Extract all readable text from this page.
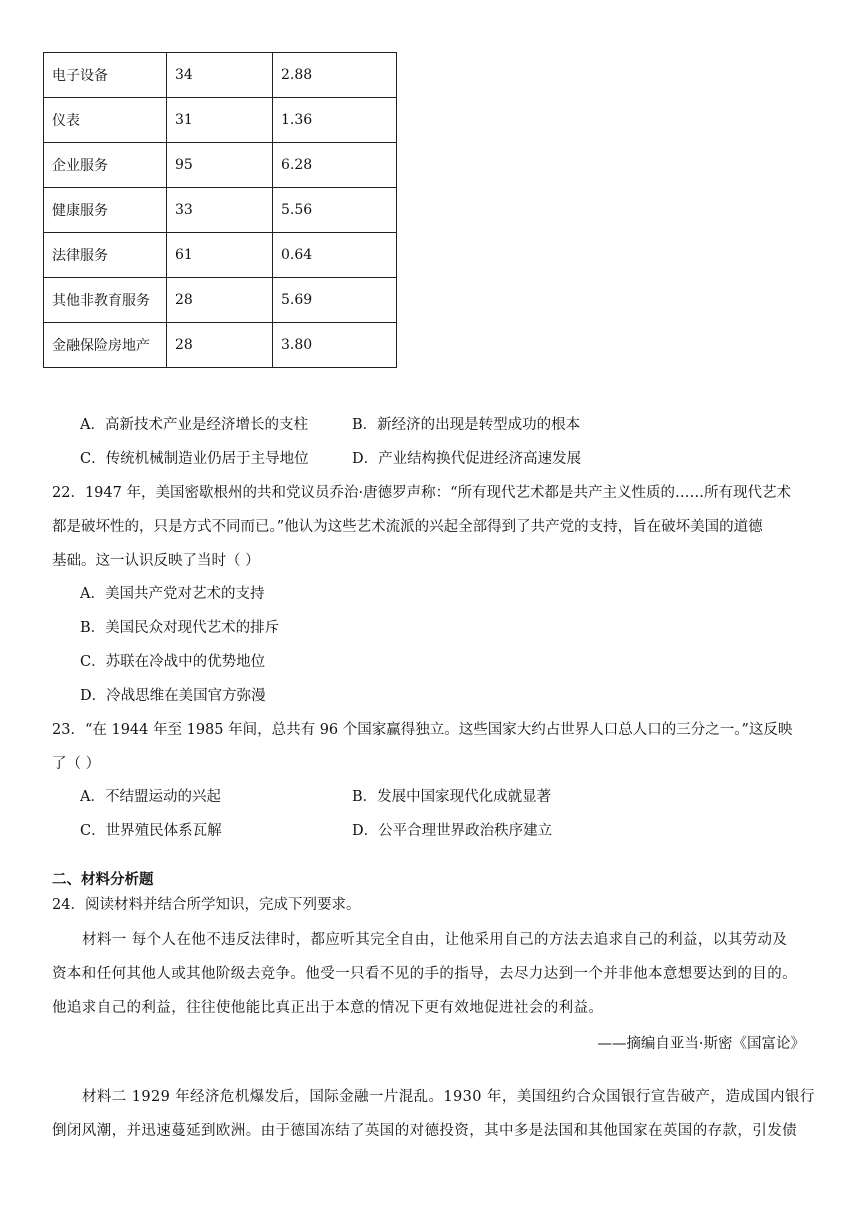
电子设备	34	2.88
仪表	31	1.36
企业服务	95	6.28
健康服务	33	5.56
法律服务	61	0.64
其他非教育服务	28	5.69
金融保险房地产	28	3.80
A．高新技术产业是经济增长的支柱	B．新经济的出现是转型成功的根本
C．传统机械制造业仍居于主导地位	D．产业结构换代促进经济高速发展
22．1947 年，美国密歇根州的共和党议员乔治·唐德罗声称：“所有现代艺术都是共产主义性质的……所有现代艺术
都是破坏性的，只是方式不同而已。”他认为这些艺术流派的兴起全部得到了共产党的支持，旨在破坏美国的道德
基础。这一认识反映了当时（ ）
A．美国共产党对艺术的支持
B．美国民众对现代艺术的排斥
C．苏联在冷战中的优势地位
D．冷战思维在美国官方弥漫
23．“在 1944 年至 1985 年间，总共有 96 个国家赢得独立。这些国家大约占世界人口总人口的三分之一。”这反映
了（ ）
A．不结盟运动的兴起	B．发展中国家现代化成就显著
C．世界殖民体系瓦解	D．公平合理世界政治秩序建立
二、材料分析题
24．阅读材料并结合所学知识，完成下列要求。
材料一 每个人在他不违反法律时，都应听其完全自由，让他采用自己的方法去追求自己的利益，以其劳动及
资本和任何其他人或其他阶级去竞争。他受一只看不见的手的指导，去尽力达到一个并非他本意想要达到的目的。
他追求自己的利益，往往使他能比真正出于本意的情况下更有效地促进社会的利益。
——摘编自亚当·斯密《国富论》
材料二 1929 年经济危机爆发后，国际金融一片混乱。1930 年，美国纽约合众国银行宣告破产，造成国内银行
倒闭风潮，并迅速蔓延到欧洲。由于德国冻结了英国的对德投资，其中多是法国和其他国家在英国的存款，引发债
